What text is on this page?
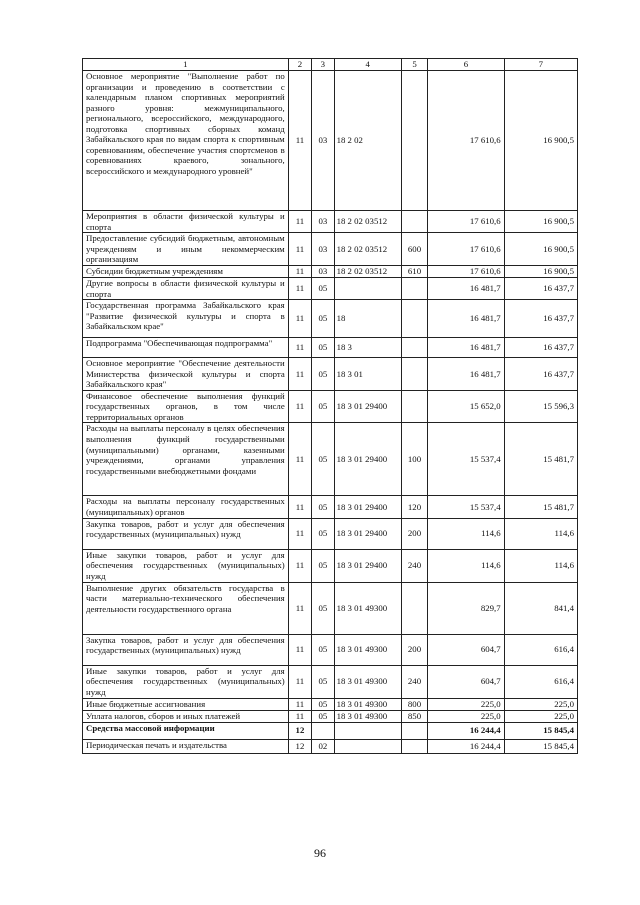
1	2	3	4	5	6	7
Основное мероприятие "Выполнение работ по организации и проведению в соответствии с календарным планом спортивных мероприятий разного уровня: межмуниципального, регионального, всероссийского, международного, подготовка спортивных сборных команд Забайкальского края по видам спорта к спортивным соревнованиям, обеспечение участия спортсменов в соревнованиях краевого, зонального, всероссийского и международного уровней"	11	03	18 2 02		17 610,6	16 900,5
Мероприятия в области физической культуры и спорта	11	03	18 2 02 03512		17 610,6	16 900,5
Предоставление субсидий бюджетным, автономным учреждениям и иным некоммерческим организациям	11	03	18 2 02 03512	600	17 610,6	16 900,5
Субсидии бюджетным учреждениям	11	03	18 2 02 03512	610	17 610,6	16 900,5
Другие вопросы в области физической культуры и спорта	11	05			16 481,7	16 437,7
Государственная программа Забайкальского края "Развитие физической культуры и спорта в Забайкальском крае"	11	05	18		16 481,7	16 437,7
Подпрограмма "Обеспечивающая подпрограмма"	11	05	18 3		16 481,7	16 437,7
Основное мероприятие "Обеспечение деятельности Министерства физической культуры и спорта Забайкальского края"	11	05	18 3 01		16 481,7	16 437,7
Финансовое обеспечение выполнения функций государственных органов, в том числе территориальных органов	11	05	18 3 01 29400		15 652,0	15 596,3
Расходы на выплаты персоналу в целях обеспечения выполнения функций государственными (муниципальными) органами, казенными учреждениями, органами управления государственными внебюджетными фондами	11	05	18 3 01 29400	100	15 537,4	15 481,7
Расходы на выплаты персоналу государственных (муниципальных) органов	11	05	18 3 01 29400	120	15 537,4	15 481,7
Закупка товаров, работ и услуг для обеспечения государственных (муниципальных) нужд	11	05	18 3 01 29400	200	114,6	114,6
Иные закупки товаров, работ и услуг для обеспечения государственных (муниципальных) нужд	11	05	18 3 01 29400	240	114,6	114,6
Выполнение других обязательств государства в части материально-технического обеспечения деятельности государственного органа	11	05	18 3 01 49300		829,7	841,4
Закупка товаров, работ и услуг для обеспечения государственных (муниципальных) нужд	11	05	18 3 01 49300	200	604,7	616,4
Иные закупки товаров, работ и услуг для обеспечения государственных (муниципальных) нужд	11	05	18 3 01 49300	240	604,7	616,4
Иные бюджетные ассигнования	11	05	18 3 01 49300	800	225,0	225,0
Уплата налогов, сборов и иных платежей	11	05	18 3 01 49300	850	225,0	225,0
Средства массовой информации	12				16 244,4	15 845,4
Периодическая печать и издательства	12	02			16 244,4	15 845,4
96
